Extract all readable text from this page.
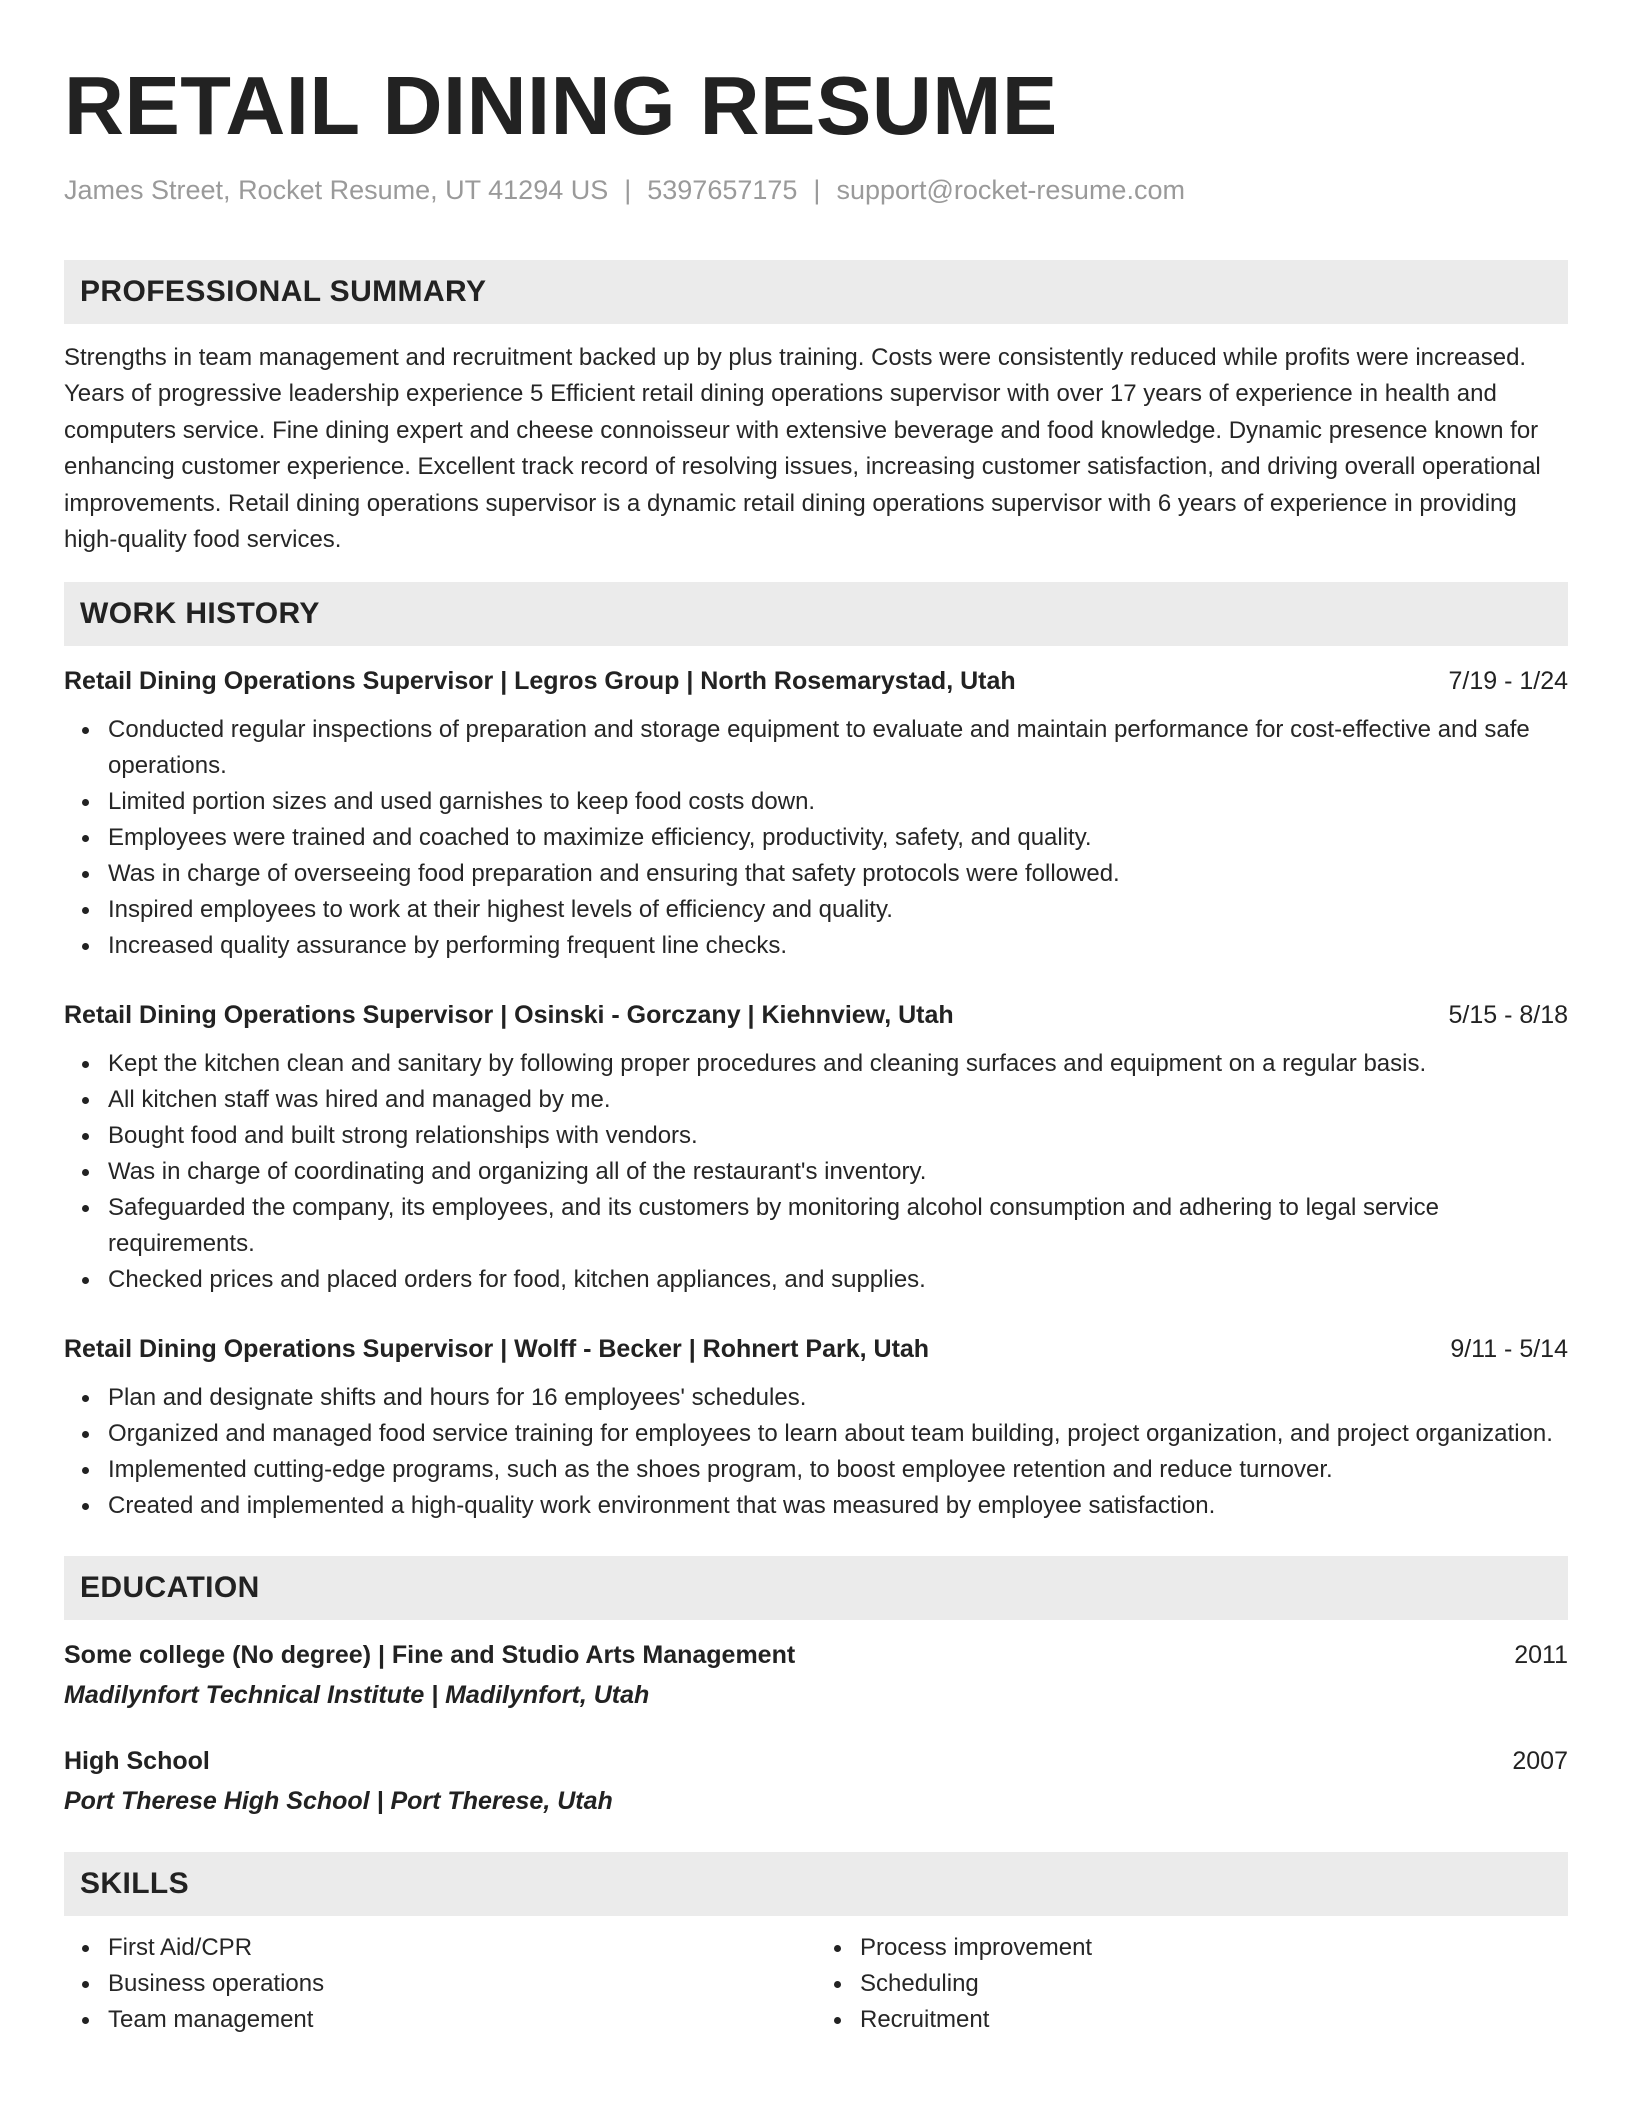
RETAIL DINING RESUME
James Street, Rocket Resume, UT 41294 US | 5397657175 | support@rocket-resume.com
PROFESSIONAL SUMMARY

Strengths in team management and recruitment backed up by plus training. Costs were consistently reduced while profits were increased. Years of progressive leadership experience 5 Efficient retail dining operations supervisor with over 17 years of experience in health and computers service. Fine dining expert and cheese connoisseur with extensive beverage and food knowledge. Dynamic presence known for enhancing customer experience. Excellent track record of resolving issues, increasing customer satisfaction, and driving overall operational improvements. Retail dining operations supervisor is a dynamic retail dining operations supervisor with 6 years of experience in providing high-quality food services.

WORK HISTORY
Retail Dining Operations Supervisor | Legros Group | North Rosemarystad, Utah	7/19 - 1/24
Conducted regular inspections of preparation and storage equipment to evaluate and maintain performance for cost-effective and safe operations.
Limited portion sizes and used garnishes to keep food costs down.
Employees were trained and coached to maximize efficiency, productivity, safety, and quality.
Was in charge of overseeing food preparation and ensuring that safety protocols were followed.
Inspired employees to work at their highest levels of efficiency and quality.
Increased quality assurance by performing frequent line checks.
Retail Dining Operations Supervisor | Osinski - Gorczany | Kiehnview, Utah	5/15 - 8/18
Kept the kitchen clean and sanitary by following proper procedures and cleaning surfaces and equipment on a regular basis.
All kitchen staff was hired and managed by me.
Bought food and built strong relationships with vendors.
Was in charge of coordinating and organizing all of the restaurant's inventory.
Safeguarded the company, its employees, and its customers by monitoring alcohol consumption and adhering to legal service requirements.
Checked prices and placed orders for food, kitchen appliances, and supplies.
Retail Dining Operations Supervisor | Wolff - Becker | Rohnert Park, Utah	9/11 - 5/14
Plan and designate shifts and hours for 16 employees' schedules.
Organized and managed food service training for employees to learn about team building, project organization, and project organization.
Implemented cutting-edge programs, such as the shoes program, to boost employee retention and reduce turnover.
Created and implemented a high-quality work environment that was measured by employee satisfaction.
EDUCATION
Some college (No degree) | Fine and Studio Arts Management	2011
Madilynfort Technical Institute | Madilynfort, Utah
High School	2007
Port Therese High School | Port Therese, Utah
SKILLS
First Aid/CPR
Business operations
Team management
Process improvement
Scheduling
Recruitment
